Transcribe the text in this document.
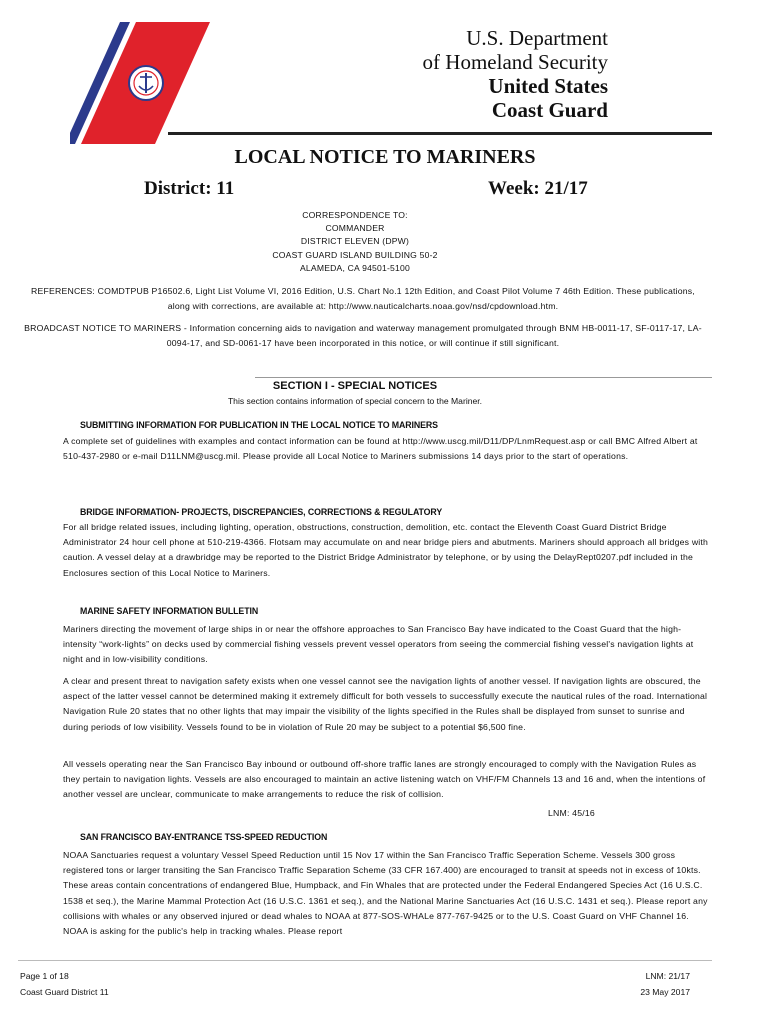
U.S. Department
of Homeland Security
United States
Coast Guard
LOCAL NOTICE TO MARINERS
District: 11	Week: 21/17
CORRESPONDENCE TO:
COMMANDER
DISTRICT ELEVEN (DPW)
COAST GUARD ISLAND BUILDING 50-2
ALAMEDA, CA 94501-5100
REFERENCES: COMDTPUB P16502.6, Light List Volume VI, 2016 Edition, U.S. Chart No.1 12th Edition, and Coast Pilot Volume 7 46th Edition. These publications, along with corrections, are available at: http://www.nauticalcharts.noaa.gov/nsd/cpdownload.htm.
BROADCAST NOTICE TO MARINERS - Information concerning aids to navigation and waterway management promulgated through BNM HB-0011-17, SF-0117-17, LA-0094-17, and SD-0061-17 have been incorporated in this notice, or will continue if still significant.
SECTION I - SPECIAL NOTICES
This section contains information of special concern to the Mariner.
SUBMITTING INFORMATION FOR PUBLICATION IN THE LOCAL NOTICE TO MARINERS
A complete set of guidelines with examples and contact information can be found at http://www.uscg.mil/D11/DP/LnmRequest.asp or call BMC Alfred Albert at 510-437-2980 or e-mail D11LNM@uscg.mil. Please provide all Local Notice to Mariners submissions 14 days prior to the start of operations.
BRIDGE INFORMATION- PROJECTS, DISCREPANCIES, CORRECTIONS & REGULATORY
For all bridge related issues, including lighting, operation, obstructions, construction, demolition, etc. contact the Eleventh Coast Guard District Bridge Administrator 24 hour cell phone at 510-219-4366. Flotsam may accumulate on and near bridge piers and abutments. Mariners should approach all bridges with caution. A vessel delay at a drawbridge may be reported to the District Bridge Administrator by telephone, or by using the DelayRept0207.pdf included in the Enclosures section of this Local Notice to Mariners.
MARINE SAFETY INFORMATION BULLETIN
Mariners directing the movement of large ships in or near the offshore approaches to San Francisco Bay have indicated to the Coast Guard that the high-intensity “work-lights” on decks used by commercial fishing vessels prevent vessel operators from seeing the commercial fishing vessel's navigation lights at night and in low-visibility conditions.
A clear and present threat to navigation safety exists when one vessel cannot see the navigation lights of another vessel. If navigation lights are obscured, the aspect of the latter vessel cannot be determined making it extremely difficult for both vessels to successfully execute the nautical rules of the road. International Navigation Rule 20 states that no other lights that may impair the visibility of the lights specified in the Rules shall be displayed from sunset to sunrise and during periods of low visibility. Vessels found to be in violation of Rule 20 may be subject to a potential $6,500 fine.
All vessels operating near the San Francisco Bay inbound or outbound off-shore traffic lanes are strongly encouraged to comply with the Navigation Rules as they pertain to navigation lights. Vessels are also encouraged to maintain an active listening watch on VHF/FM Channels 13 and 16 and, when the intentions of another vessel are unclear, communicate to make arrangements to reduce the risk of collision.
LNM: 45/16
SAN FRANCISCO BAY-ENTRANCE TSS-SPEED REDUCTION
NOAA Sanctuaries request a voluntary Vessel Speed Reduction until 15 Nov 17 within the San Francisco Traffic Seperation Scheme. Vessels 300 gross registered tons or larger transiting the San Francisco Traffic Separation Scheme (33 CFR 167.400) are encouraged to transit at speeds not in excess of 10kts. These areas contain concentrations of endangered Blue, Humpback, and Fin Whales that are protected under the Federal Endangered Species Act (16 U.S.C. 1538 et seq.), the Marine Mammal Protection Act (16 U.S.C. 1361 et seq.), and the National Marine Sanctuaries Act (16 U.S.C. 1431 et seq.). Please report any collisions with whales or any observed injured or dead whales to NOAA at 877-SOS-WHALe 877-767-9425 or to the U.S. Coast Guard on VHF Channel 16. NOAA is asking for the public's help in tracking whales. Please report
Page 1 of 18
Coast Guard District 11
LNM: 21/17
23 May 2017
